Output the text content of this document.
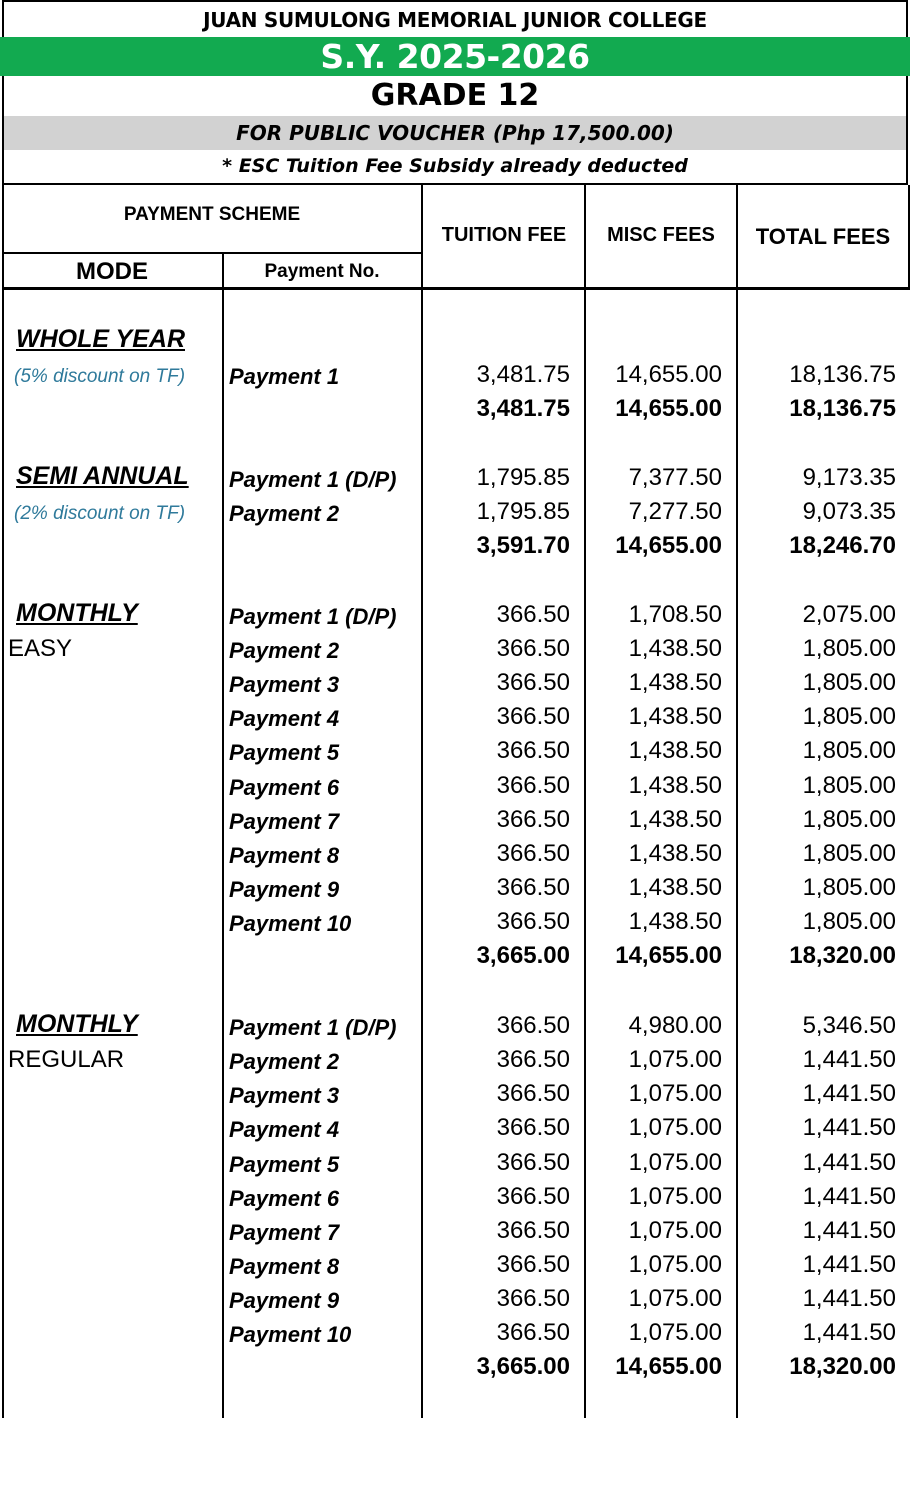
JUAN SUMULONG MEMORIAL JUNIOR COLLEGE
S.Y. 2025-2026
GRADE 12
FOR PUBLIC VOUCHER (Php 17,500.00)
* ESC Tuition Fee Subsidy already deducted
PAYMENT SCHEME
MODE	Payment No.
TUITION FEE	MISC FEES	TOTAL FEES
WHOLE YEAR
(5% discount on TF) Payment 1	3,481.75	14,655.00	18,136.75
3,481.75	14,655.00	18,136.75
SEMI ANNUAL
(2% discount on TF)
Payment 1 (D/P)	1,795.85	7,377.50	9,173.35
Payment 2	1,795.85	7,277.50	9,073.35
3,591.70	14,655.00	18,246.70
MONTHLY
EASY
Payment 1 (D/P)	366.50	1,708.50	2,075.00
Payment 2	366.50	1,438.50	1,805.00
Payment 3	366.50	1,438.50	1,805.00
Payment 4	366.50	1,438.50	1,805.00
Payment 5	366.50	1,438.50	1,805.00
Payment 6	366.50	1,438.50	1,805.00
Payment 7	366.50	1,438.50	1,805.00
Payment 8	366.50	1,438.50	1,805.00
Payment 9	366.50	1,438.50	1,805.00
Payment 10	366.50	1,438.50	1,805.00
3,665.00	14,655.00	18,320.00
MONTHLY
REGULAR
Payment 1 (D/P)	366.50	4,980.00	5,346.50
Payment 2	366.50	1,075.00	1,441.50
Payment 3	366.50	1,075.00	1,441.50
Payment 4	366.50	1,075.00	1,441.50
Payment 5	366.50	1,075.00	1,441.50
Payment 6	366.50	1,075.00	1,441.50
Payment 7	366.50	1,075.00	1,441.50
Payment 8	366.50	1,075.00	1,441.50
Payment 9	366.50	1,075.00	1,441.50
Payment 10	366.50	1,075.00	1,441.50
3,665.00	14,655.00	18,320.00
